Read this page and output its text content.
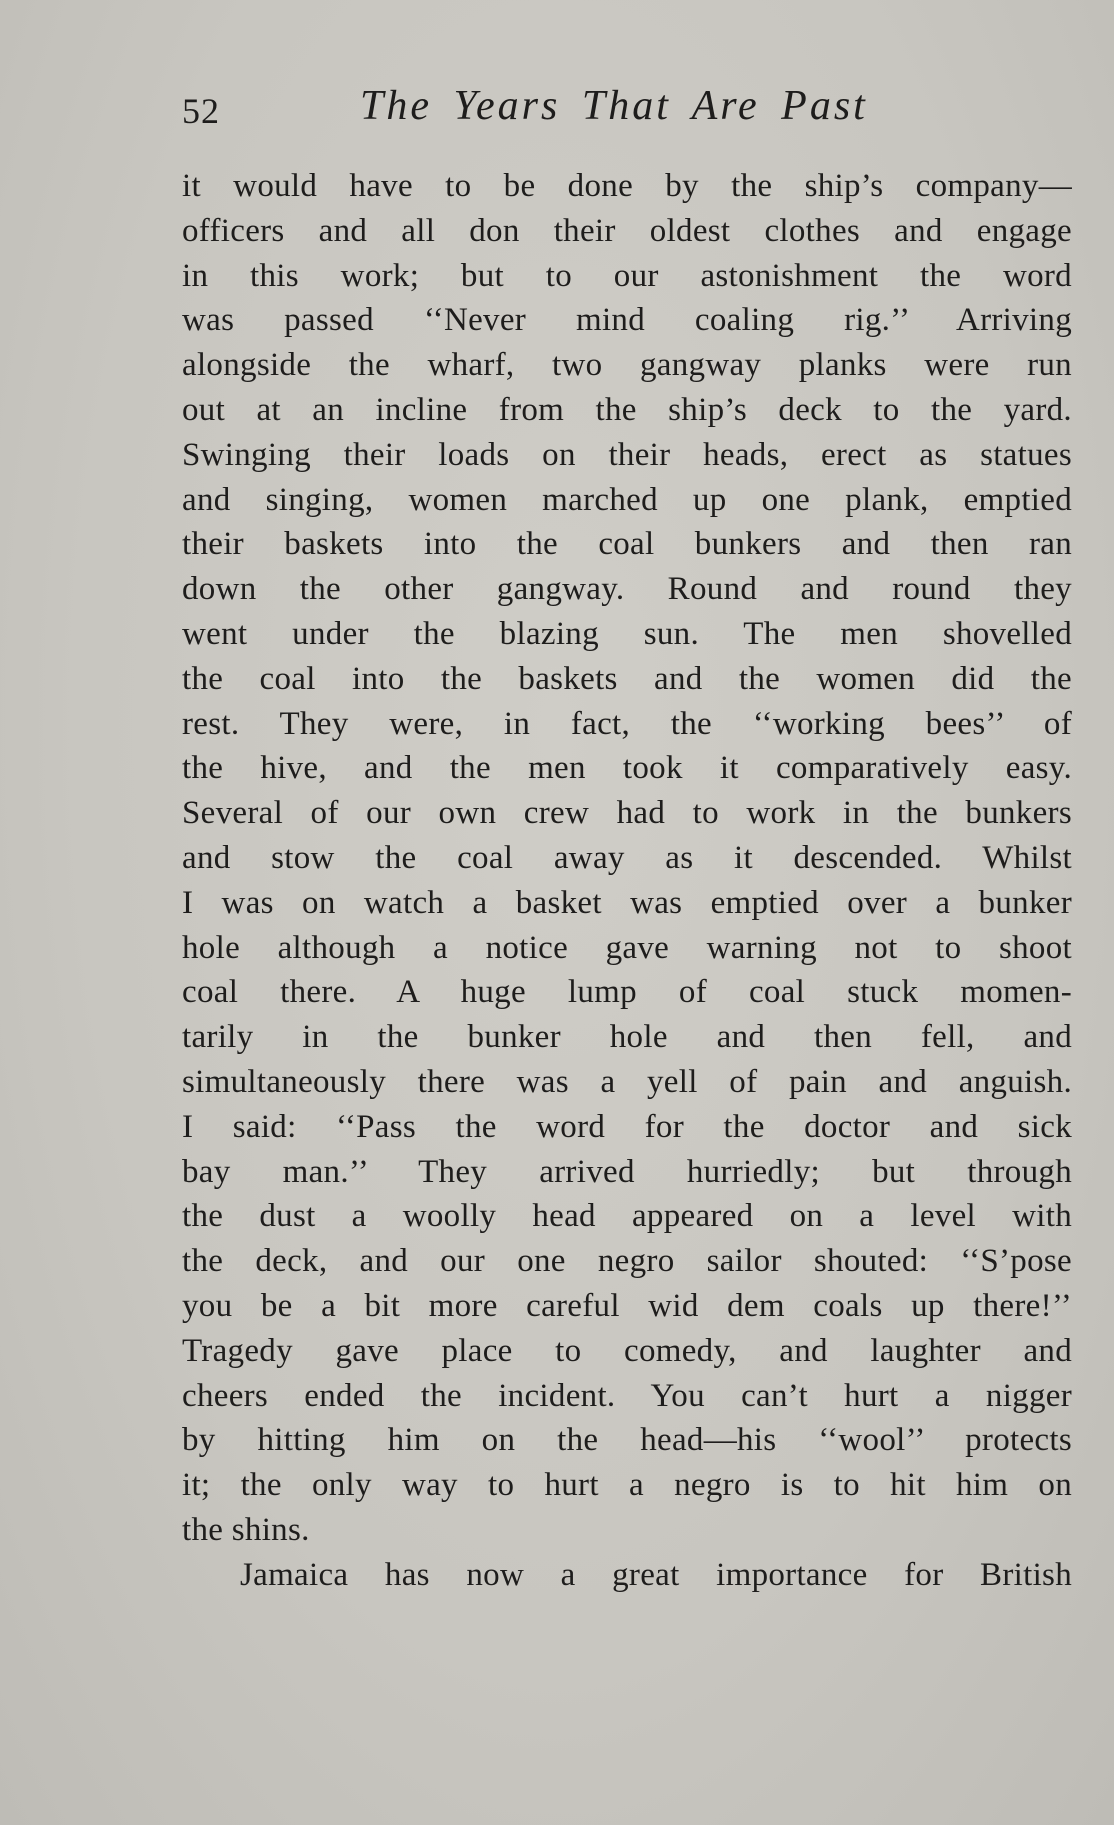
52	The Years That Are Past
it would have to be done by the ship’s company—
officers and all don their oldest clothes and engage
in this work; but to our astonishment the word
was passed ‘‘Never mind coaling rig.’’ Arriving
alongside the wharf, two gangway planks were run
out at an incline from the ship’s deck to the yard.
Swinging their loads on their heads, erect as statues
and singing, women marched up one plank, emptied
their baskets into the coal bunkers and then ran
down the other gangway. Round and round they
went under the blazing sun. The men shovelled
the coal into the baskets and the women did the
rest. They were, in fact, the ‘‘working bees’’ of
the hive, and the men took it comparatively easy.
Several of our own crew had to work in the bunkers
and stow the coal away as it descended. Whilst
I was on watch a basket was emptied over a bunker
hole although a notice gave warning not to shoot
coal there. A huge lump of coal stuck momen-
tarily in the bunker hole and then fell, and
simultaneously there was a yell of pain and anguish.
I said: ‘‘Pass the word for the doctor and sick
bay man.’’ They arrived hurriedly; but through
the dust a woolly head appeared on a level with
the deck, and our one negro sailor shouted: ‘‘S’pose
you be a bit more careful wid dem coals up there!’’
Tragedy gave place to comedy, and laughter and
cheers ended the incident. You can’t hurt a nigger
by hitting him on the head—his ‘‘wool’’ protects
it; the only way to hurt a negro is to hit him on
the shins.
Jamaica has now a great importance for British
